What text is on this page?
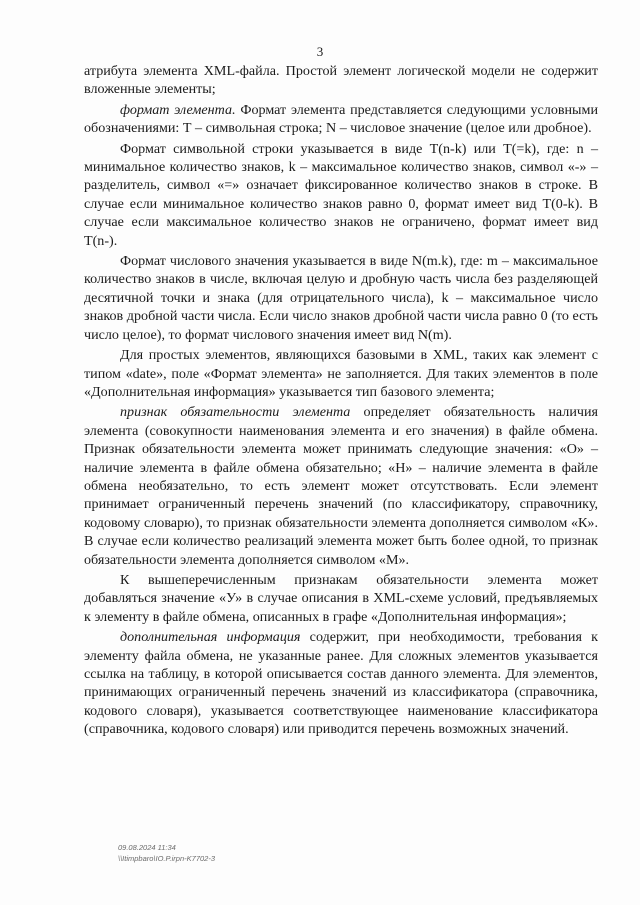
3

атрибута элемента XML-файла. Простой элемент логической модели не содержит вложенные элементы;

формат элемента. Формат элемента представляется следующими условными обозначениями: Т – символьная строка; N – числовое значение (целое или дробное).

Формат символьной строки указывается в виде T(n-k) или T(=k), где: n – минимальное количество знаков, k – максимальное количество знаков, символ «-» – разделитель, символ «=» означает фиксированное количество знаков в строке. В случае если минимальное количество знаков равно 0, формат имеет вид T(0-k). В случае если максимальное количество знаков не ограничено, формат имеет вид T(n-).

Формат числового значения указывается в виде N(m.k), где: m – максимальное количество знаков в числе, включая целую и дробную часть числа без разделяющей десятичной точки и знака (для отрицательного числа), k – максимальное число знаков дробной части числа. Если число знаков дробной части числа равно 0 (то есть число целое), то формат числового значения имеет вид N(m).

Для простых элементов, являющихся базовыми в XML, таких как элемент с типом «date», поле «Формат элемента» не заполняется. Для таких элементов в поле «Дополнительная информация» указывается тип базового элемента;

признак обязательности элемента определяет обязательность наличия элемента (совокупности наименования элемента и его значения) в файле обмена. Признак обязательности элемента может принимать следующие значения: «О» – наличие элемента в файле обмена обязательно; «Н» – наличие элемента в файле обмена необязательно, то есть элемент может отсутствовать. Если элемент принимает ограниченный перечень значений (по классификатору, справочнику, кодовому словарю), то признак обязательности элемента дополняется символом «К». В случае если количество реализаций элемента может быть более одной, то признак обязательности элемента дополняется символом «М».

К вышеперечисленным признакам обязательности элемента может добавляться значение «У» в случае описания в XML-схеме условий, предъявляемых к элементу в файле обмена, описанных в графе «Дополнительная информация»;

дополнительная информация содержит, при необходимости, требования к элементу файла обмена, не указанные ранее. Для сложных элементов указывается ссылка на таблицу, в которой описывается состав данного элемента. Для элементов, принимающих ограниченный перечень значений из классификатора (справочника, кодового словаря), указывается соответствующее наименование классификатора (справочника, кодового словаря) или приводится перечень возможных значений.

09.08.2024 11:34
\\Itimpbaro\IO.P.irpn-K7702-3
